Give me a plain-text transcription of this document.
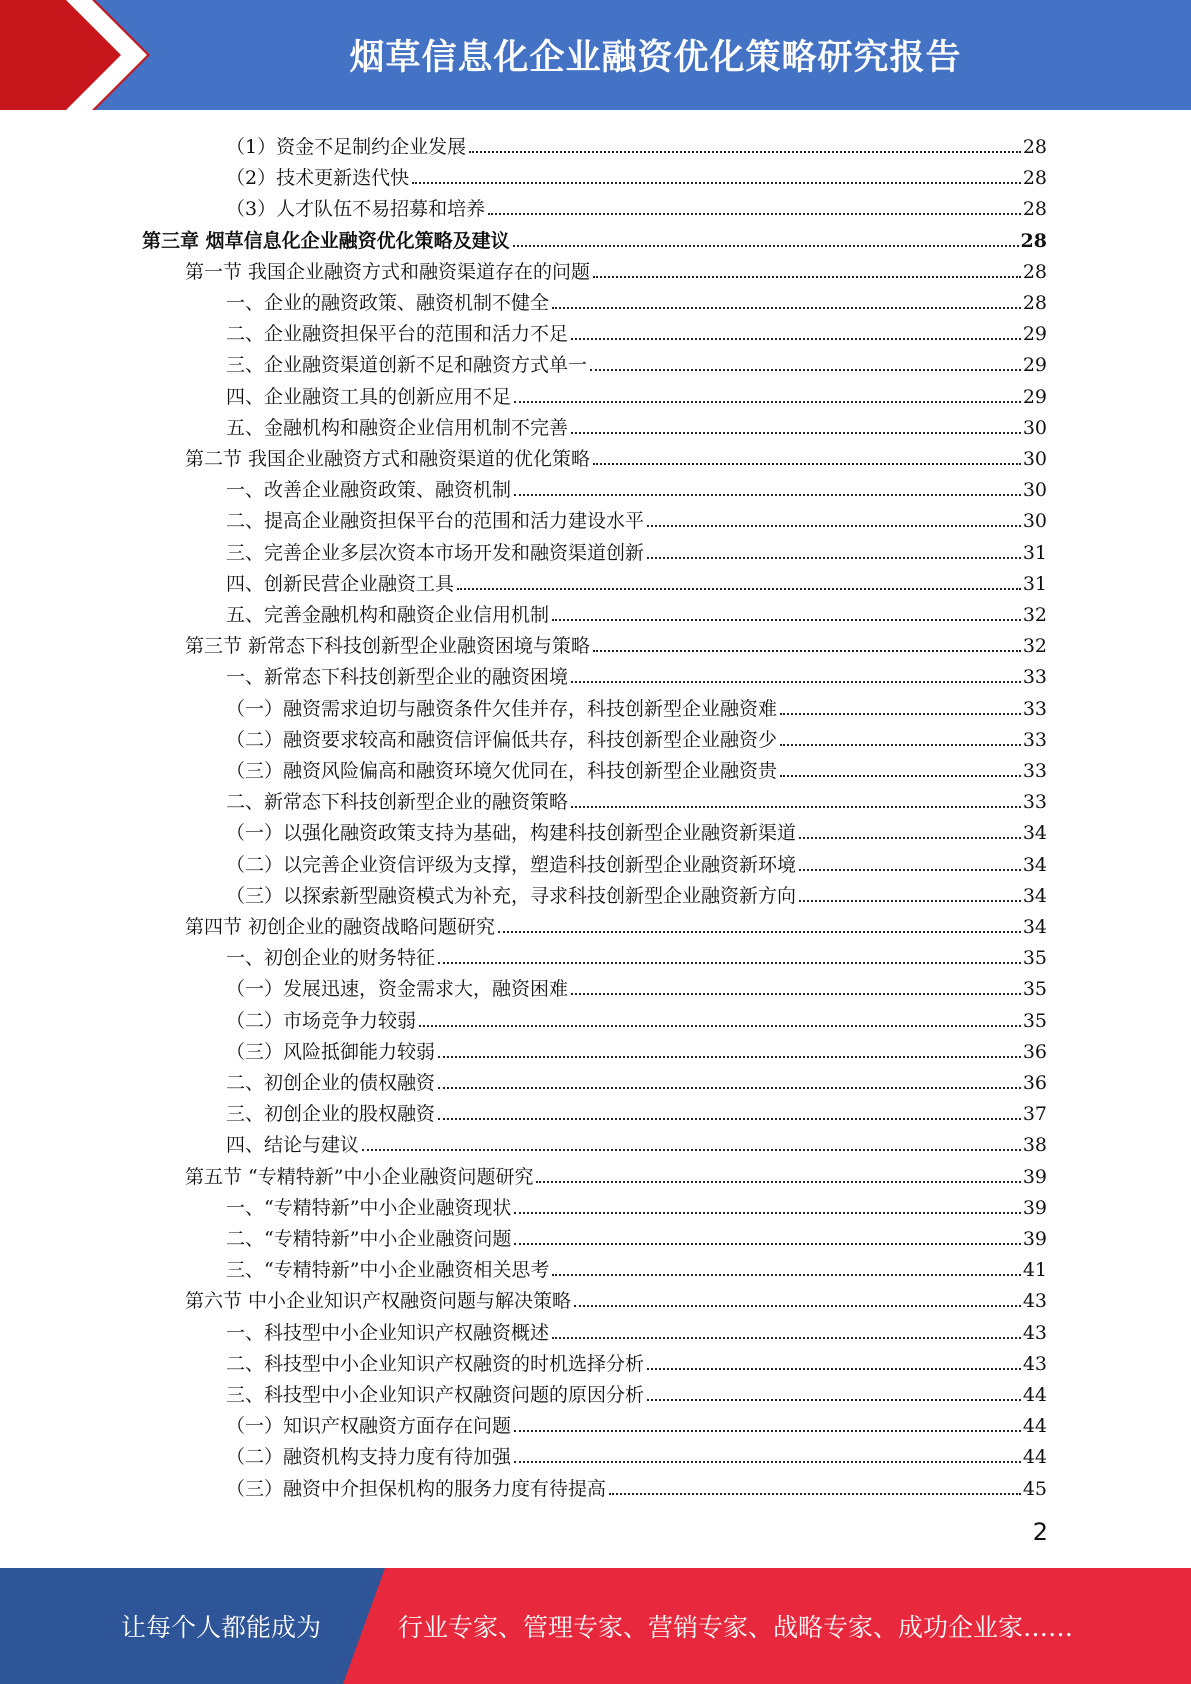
烟草信息化企业融资优化策略研究报告
（1）资金不足制约企业发展	28
（2）技术更新迭代快	28
（3）人才队伍不易招募和培养	28
第三章 烟草信息化企业融资优化策略及建议	28
第一节 我国企业融资方式和融资渠道存在的问题	28
一、企业的融资政策、融资机制不健全	28
二、企业融资担保平台的范围和活力不足	29
三、企业融资渠道创新不足和融资方式单一	29
四、企业融资工具的创新应用不足	29
五、金融机构和融资企业信用机制不完善	30
第二节 我国企业融资方式和融资渠道的优化策略	30
一、改善企业融资政策、融资机制	30
二、提高企业融资担保平台的范围和活力建设水平	30
三、完善企业多层次资本市场开发和融资渠道创新	31
四、创新民营企业融资工具	31
五、完善金融机构和融资企业信用机制	32
第三节 新常态下科技创新型企业融资困境与策略	32
一、新常态下科技创新型企业的融资困境	33
（一）融资需求迫切与融资条件欠佳并存，科技创新型企业融资难	33
（二）融资要求较高和融资信评偏低共存，科技创新型企业融资少	33
（三）融资风险偏高和融资环境欠优同在，科技创新型企业融资贵	33
二、新常态下科技创新型企业的融资策略	33
（一）以强化融资政策支持为基础，构建科技创新型企业融资新渠道	34
（二）以完善企业资信评级为支撑，塑造科技创新型企业融资新环境	34
（三）以探索新型融资模式为补充，寻求科技创新型企业融资新方向	34
第四节 初创企业的融资战略问题研究	34
一、初创企业的财务特征	35
（一）发展迅速，资金需求大，融资困难	35
（二）市场竞争力较弱	35
（三）风险抵御能力较弱	36
二、初创企业的债权融资	36
三、初创企业的股权融资	37
四、结论与建议	38
第五节 “专精特新”中小企业融资问题研究	39
一、“专精特新”中小企业融资现状	39
二、“专精特新”中小企业融资问题	39
三、“专精特新”中小企业融资相关思考	41
第六节 中小企业知识产权融资问题与解决策略	43
一、科技型中小企业知识产权融资概述	43
二、科技型中小企业知识产权融资的时机选择分析	43
三、科技型中小企业知识产权融资问题的原因分析	44
（一）知识产权融资方面存在问题	44
（二）融资机构支持力度有待加强	44
（三）融资中介担保机构的服务力度有待提高	45
2
让每个人都能成为	行业专家、管理专家、营销专家、战略专家、成功企业家……
